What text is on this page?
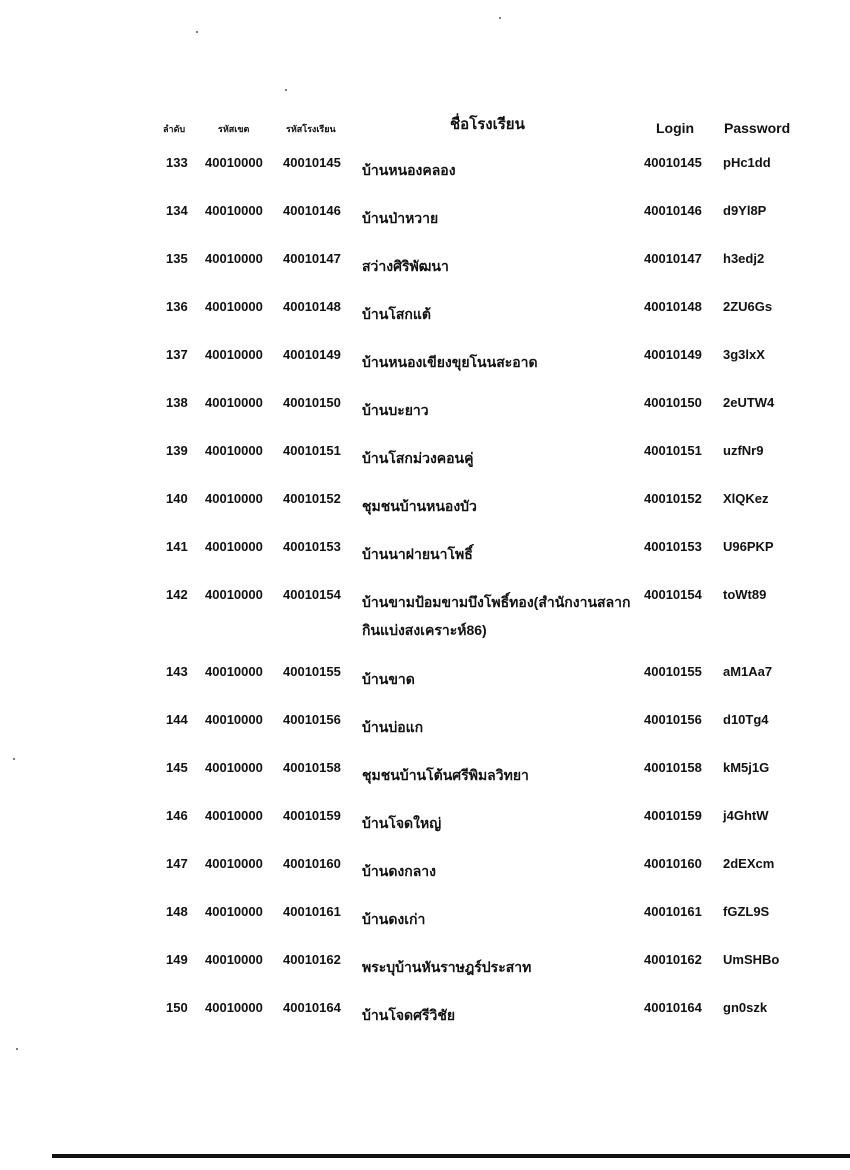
ลำดับ	รหัสเขต	รหัสโรงเรียน	ชื่อโรงเรียน	Login Password
133 40010000 40010145 บ้านหนองคลอง	40010145 pHc1dd
134 40010000 40010146 บ้านป่าหวาย	40010146 d9Yl8P
135 40010000 40010147 สว่างศิริพัฒนา	40010147 h3edj2
136 40010000 40010148 บ้านโสกแต้	40010148 2ZU6Gs
137 40010000 40010149 บ้านหนองเขียงขุยโนนสะอาด	40010149 3g3lxX
138 40010000 40010150 บ้านบะยาว	40010150 2eUTW4
139 40010000 40010151 บ้านโสกม่วงคอนคู่	40010151 uzfNr9
140 40010000 40010152 ชุมชนบ้านหนองบัว	40010152 XlQKez
141 40010000 40010153 บ้านนาฝายนาโพธิ์	40010153 U96PKP
142 40010000 40010154 บ้านขามป้อมขามบึงโพธิ์ทอง(สำนักงานสลากกินแบ่งสงเคราะห์86)
40010154 toWt89
143 40010000 40010155 บ้านขาด	40010155 aM1Aa7
144 40010000 40010156 บ้านบ่อแก	40010156 d10Tg4
145 40010000 40010158 ชุมชนบ้านโต้นศรีพิมลวิทยา	40010158 kM5j1G
146 40010000 40010159 บ้านโจดใหญ่	40010159 j4GhtW
147 40010000 40010160 บ้านดงกลาง	40010160 2dEXcm
148 40010000 40010161 บ้านดงเก่า	40010161 fGZL9S
149 40010000 40010162 พระบุบ้านหันราษฎร์ประสาท	40010162 UmSHBo
150 40010000 40010164 บ้านโจดศรีวิชัย	40010164 gn0szk
